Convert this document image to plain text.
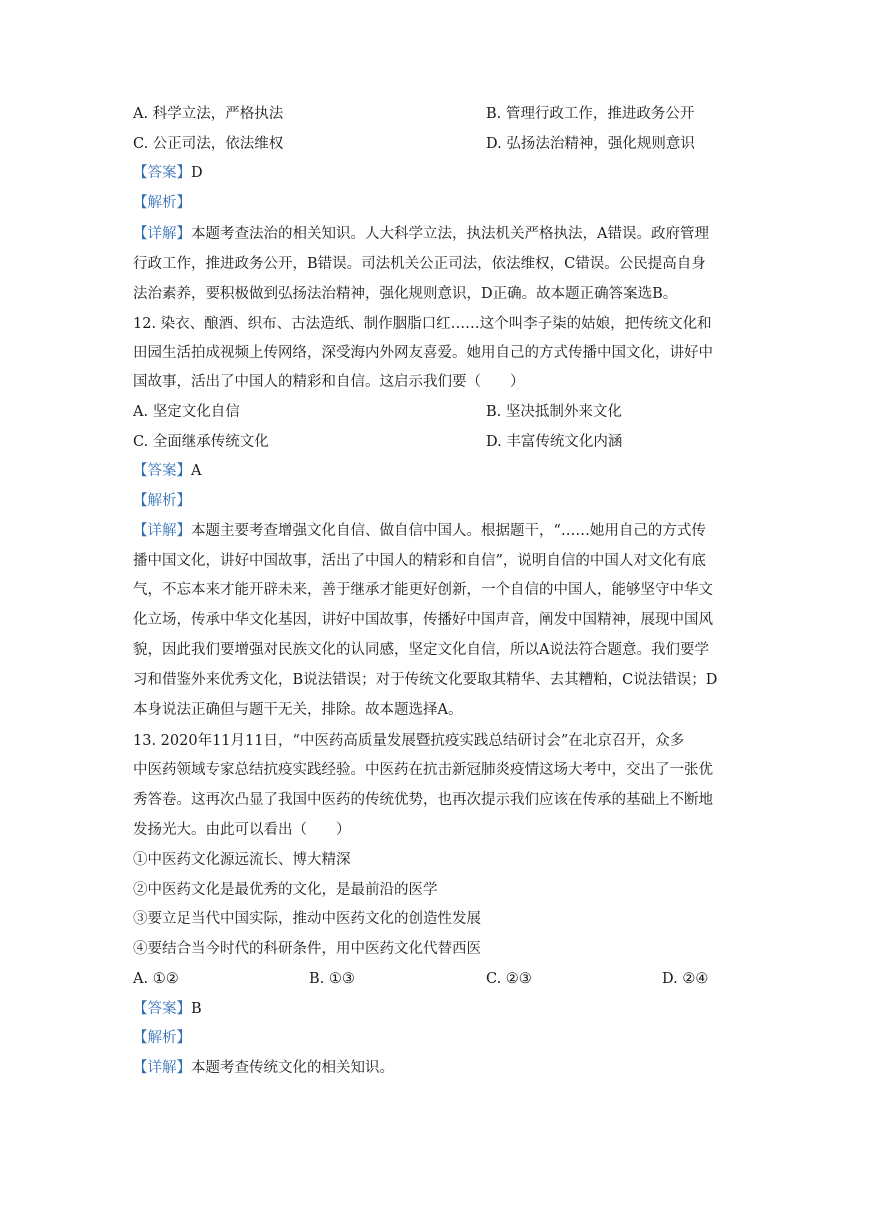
A. 科学立法，严格执法	B. 管理行政工作，推进政务公开
C. 公正司法，依法维权	D. 弘扬法治精神，强化规则意识
【答案】D
【解析】
【详解】本题考查法治的相关知识。人大科学立法，执法机关严格执法，A错误。政府管理
行政工作，推进政务公开，B错误。司法机关公正司法，依法维权，C错误。公民提高自身
法治素养，要积极做到弘扬法治精神，强化规则意识，D正确。故本题正确答案选B。
12. 染衣、酿酒、织布、古法造纸、制作胭脂口红……这个叫李子柒的姑娘，把传统文化和
田园生活拍成视频上传网络，深受海内外网友喜爱。她用自己的方式传播中国文化，讲好中
国故事，活出了中国人的精彩和自信。这启示我们要（　　）
A. 坚定文化自信	B. 坚决抵制外来文化
C. 全面继承传统文化	D. 丰富传统文化内涵
【答案】A
【解析】
【详解】本题主要考查增强文化自信、做自信中国人。根据题干，“……她用自己的方式传
播中国文化，讲好中国故事，活出了中国人的精彩和自信”，说明自信的中国人对文化有底
气，不忘本来才能开辟未来，善于继承才能更好创新，一个自信的中国人，能够坚守中华文
化立场，传承中华文化基因，讲好中国故事，传播好中国声音，阐发中国精神，展现中国风
貌，因此我们要增强对民族文化的认同感，坚定文化自信，所以A说法符合题意。我们要学
习和借鉴外来优秀文化，B说法错误；对于传统文化要取其精华、去其糟粕，C说法错误；D
本身说法正确但与题干无关，排除。故本题选择A。
13. 2020年11月11日，“中医药高质量发展暨抗疫实践总结研讨会”在北京召开，众多
中医药领域专家总结抗疫实践经验。中医药在抗击新冠肺炎疫情这场大考中，交出了一张优
秀答卷。这再次凸显了我国中医药的传统优势，也再次提示我们应该在传承的基础上不断地
发扬光大。由此可以看出（　　）
①中医药文化源远流长、博大精深
②中医药文化是最优秀的文化，是最前沿的医学
③要立足当代中国实际，推动中医药文化的创造性发展
④要结合当今时代的科研条件，用中医药文化代替西医
A. ①②	B. ①③	C. ②③	D. ②④
【答案】B
【解析】
【详解】本题考查传统文化的相关知识。
